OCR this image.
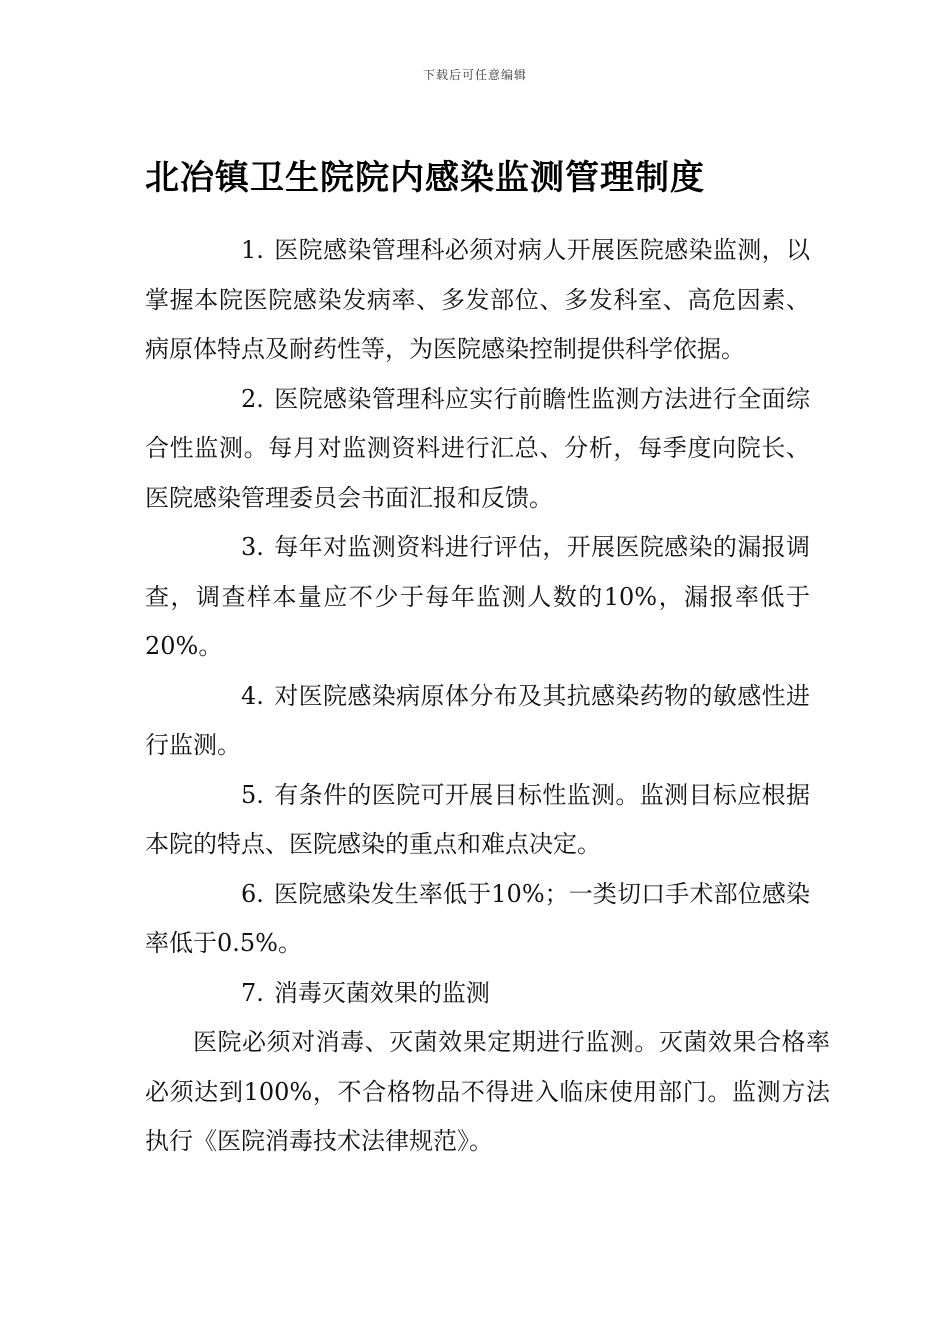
下载后可任意编辑
北冶镇卫生院院内感染监测管理制度

1. 医院感染管理科必须对病人开展医院感染监测，以掌握本院医院感染发病率、多发部位、多发科室、高危因素、病原体特点及耐药性等，为医院感染控制提供科学依据。

2. 医院感染管理科应实行前瞻性监测方法进行全面综合性监测。每月对监测资料进行汇总、分析，每季度向院长、医院感染管理委员会书面汇报和反馈。

3. 每年对监测资料进行评估，开展医院感染的漏报调查，调查样本量应不少于每年监测人数的10%，漏报率低于20%。

4. 对医院感染病原体分布及其抗感染药物的敏感性进行监测。

5. 有条件的医院可开展目标性监测。监测目标应根据本院的特点、医院感染的重点和难点决定。

6. 医院感染发生率低于10%；一类切口手术部位感染率低于0.5%。

7. 消毒灭菌效果的监测

医院必须对消毒、灭菌效果定期进行监测。灭菌效果合格率必须达到100%，不合格物品不得进入临床使用部门。监测方法执行《医院消毒技术法律规范》。
